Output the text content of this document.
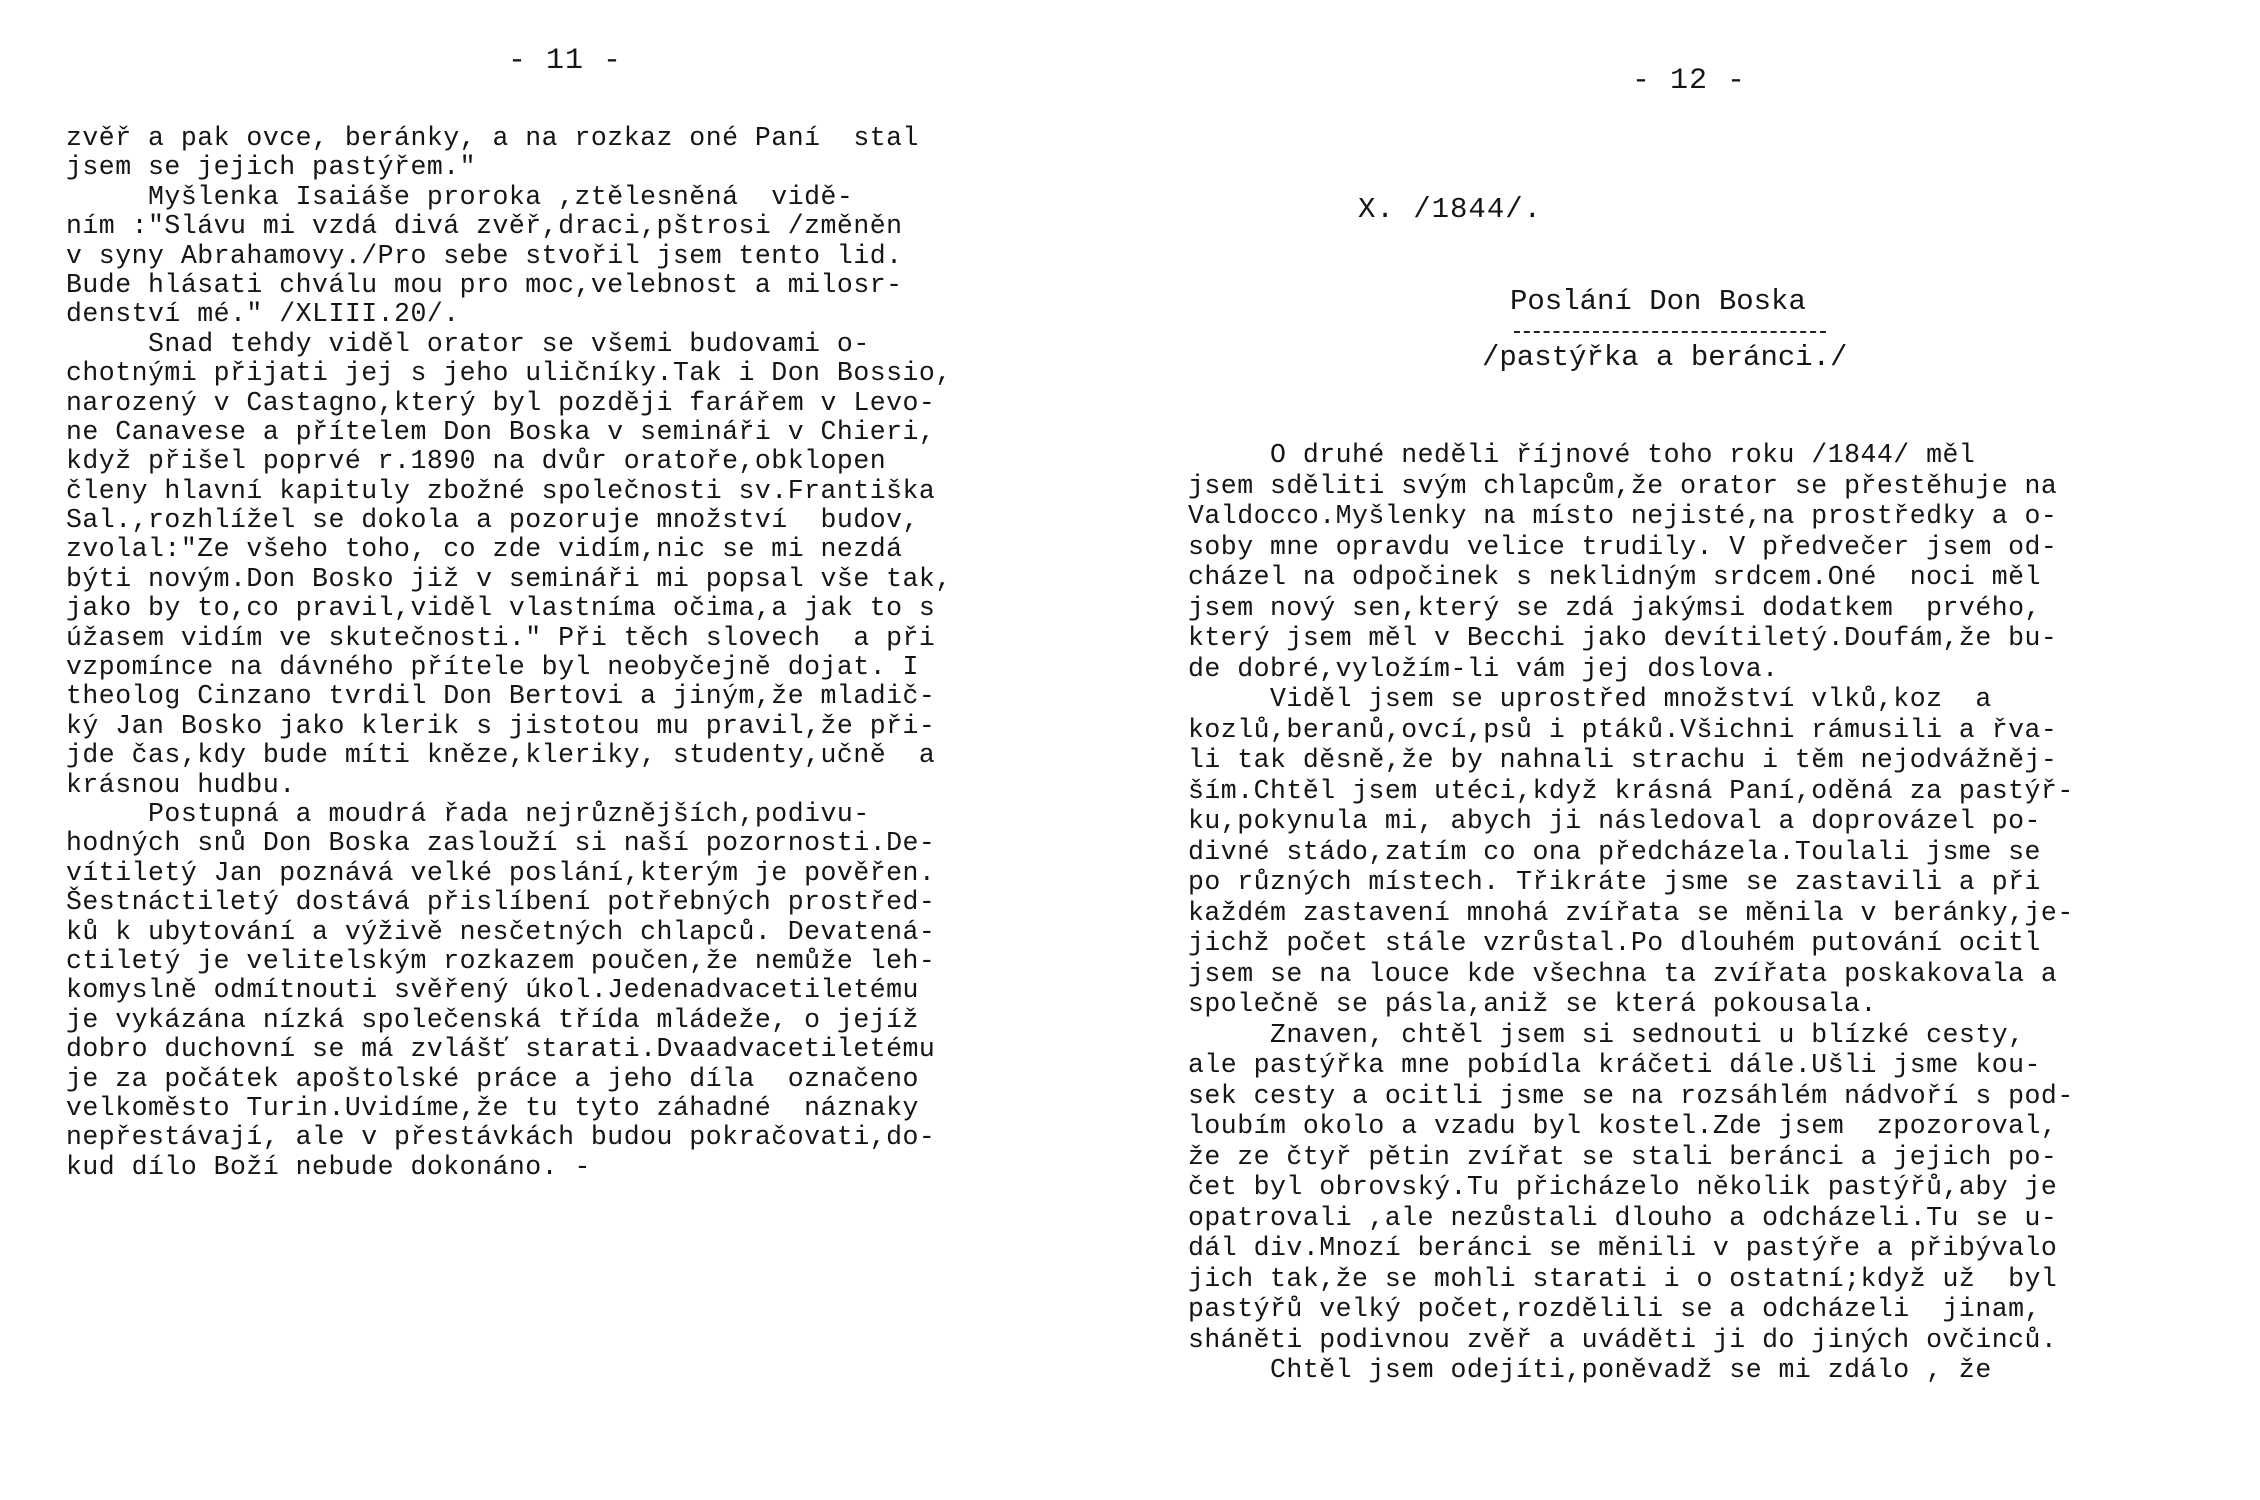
- 11 -
zvěř a pak ovce, beránky, a na rozkaz oné Paní  stal
jsem se jejich pastýřem."
Myšlenka Isaiáše proroka ,ztělesněná  vidě-
ním :"Slávu mi vzdá divá zvěř,draci,pštrosi /změněn
v syny Abrahamovy./Pro sebe stvořil jsem tento lid.
Bude hlásati chválu mou pro moc,velebnost a milosr-
denství mé." /XLIII.20/.
Snad tehdy viděl orator se všemi budovami o-
chotnými přijati jej s jeho uličníky.Tak i Don Bossio,
narozený v Castagno,který byl později farářem v Levo-
ne Canavese a přítelem Don Boska v semináři v Chieri,
když přišel poprvé r.1890 na dvůr oratoře,obklopen
členy hlavní kapituly zbožné společnosti sv.Františka
Sal.,rozhlížel se dokola a pozoruje množství  budov,
zvolal:"Ze všeho toho, co zde vidím,nic se mi nezdá
býti novým.Don Bosko již v semináři mi popsal vše tak,
jako by to,co pravil,viděl vlastníma očima,a jak to s
úžasem vidím ve skutečnosti." Při těch slovech  a při
vzpomínce na dávného přítele byl neobyčejně dojat. I
theolog Cinzano tvrdil Don Bertovi a jiným,že mladič-
ký Jan Bosko jako klerik s jistotou mu pravil,že při-
jde čas,kdy bude míti kněze,kleriky, studenty,učně  a
krásnou hudbu.
Postupná a moudrá řada nejrůznějších,podivu-
hodných snů Don Boska zaslouží si naší pozornosti.De-
vítiletý Jan poznává velké poslání,kterým je pověřen.
Šestnáctiletý dostává přislíbení potřebných prostřed-
ků k ubytování a výživě nesčetných chlapců. Devatená-
ctiletý je velitelským rozkazem poučen,že nemůže leh-
komyslně odmítnouti svěřený úkol.Jedenadvacetiletému
je vykázána nízká společenská třída mládeže, o jejíž
dobro duchovní se má zvlášť starati.Dvaadvacetiletému
je za počátek apoštolské práce a jeho díla  označeno
velkoměsto Turin.Uvidíme,že tu tyto záhadné  náznaky
nepřestávají, ale v přestávkách budou pokračovati,do-
kud dílo Boží nebude dokonáno. -
- 12 -
X. /1844/.
Poslání Don Boska
/pastýřka a beránci./
O druhé neděli říjnové toho roku /1844/ měl
jsem sděliti svým chlapcům,že orator se přestěhuje na
Valdocco.Myšlenky na místo nejisté,na prostředky a o-
soby mne opravdu velice trudily. V předvečer jsem od-
cházel na odpočinek s neklidným srdcem.Oné  noci měl
jsem nový sen,který se zdá jakýmsi dodatkem  prvého,
který jsem měl v Becchi jako devítiletý.Doufám,že bu-
de dobré,vyložím-li vám jej doslova.
Viděl jsem se uprostřed množství vlků,koz  a
kozlů,beranů,ovcí,psů i ptáků.Všichni rámusili a řva-
li tak děsně,že by nahnali strachu i těm nejodvážněj-
ším.Chtěl jsem utéci,když krásná Paní,oděná za pastýř-
ku,pokynula mi, abych ji následoval a doprovázel po-
divné stádo,zatím co ona předcházela.Toulali jsme se
po různých místech. Třikráte jsme se zastavili a při
každém zastavení mnohá zvířata se měnila v beránky,je-
jichž počet stále vzrůstal.Po dlouhém putování ocitl
jsem se na louce kde všechna ta zvířata poskakovala a
společně se pásla,aniž se která pokousala.
Znaven, chtěl jsem si sednouti u blízké cesty,
ale pastýřka mne pobídla kráčeti dále.Ušli jsme kou-
sek cesty a ocitli jsme se na rozsáhlém nádvoří s pod-
loubím okolo a vzadu byl kostel.Zde jsem  zpozoroval,
že ze čtyř pětin zvířat se stali beránci a jejich po-
čet byl obrovský.Tu přicházelo několik pastýřů,aby je
opatrovali ,ale nezůstali dlouho a odcházeli.Tu se u-
dál div.Mnozí beránci se měnili v pastýře a přibývalo
jich tak,že se mohli starati i o ostatní;když už  byl
pastýřů velký počet,rozdělili se a odcházeli  jinam,
sháněti podivnou zvěř a uváděti ji do jiných ovčinců.
Chtěl jsem odejíti,poněvadž se mi zdálo , že
